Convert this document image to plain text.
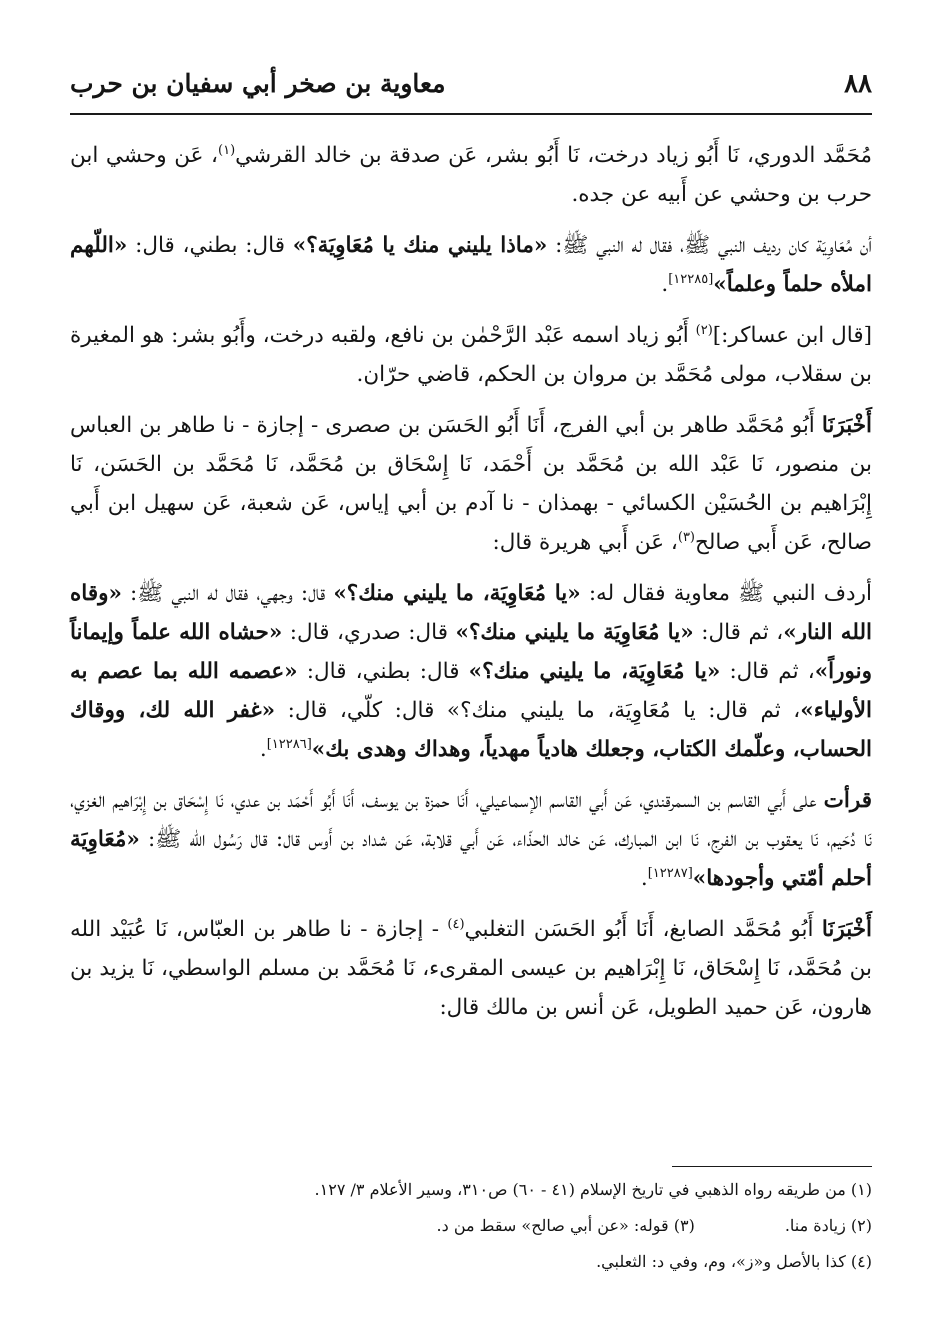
٨٨
معاوية بن صخر أبي سفيان بن حرب

مُحَمَّد الدوري، نَا أَبُو زياد درخت، نَا أَبُو بشر، عَن صدقة بن خالد القرشي$^{(١)}$، عَن وحشي ابن حرب بن وحشي عن أَبيه عن جده.

أن مُعَاوِيَة كان رديف النبي ﷺ، فقال له النبي ﷺ: «ماذا يليني منك يا مُعَاوِيَة؟» قال: بطني، قال: «اللّهم املأه حلماً وعلماً»[١٢٢٨٥].

[قال ابن عساكر:]$^{(٢)}$ أَبُو زياد اسمه عَبْد الرَّحْمٰن بن نافع، ولقبه درخت، وأَبُو بشر: هو المغيرة بن سقلاب، مولى مُحَمَّد بن مروان بن الحكم، قاضي حرّان.

أَخْبَرَنَا أَبُو مُحَمَّد طاهر بن أبي الفرج، أَنَا أَبُو الحَسَن بن صصرى - إجازة - نا طاهر بن العباس بن منصور، نَا عَبْد الله بن مُحَمَّد بن أَحْمَد، نَا إِسْحَاق بن مُحَمَّد، نَا مُحَمَّد بن الحَسَن، نَا إِبْرَاهيم بن الحُسَيْن الكسائي - بهمذان - نا آدم بن أبي إياس، عَن شعبة، عَن سهيل ابن أَبي صالح، عَن أَبي صالح$^{(٣)}$، عَن أَبي هريرة قال:

أردف النبي ﷺ معاوية فقال له: «يا مُعَاوِيَة، ما يليني منك؟» قال: وجهي، فقال له النبي ﷺ: «وقاه الله النار»، ثم قال: «يا مُعَاوِيَة ما يليني منك؟» قال: صدري، قال: «حشاه الله علماً وإيماناً ونوراً»، ثم قال: «يا مُعَاوِيَة، ما يليني منك؟» قال: بطني، قال: «عصمه الله بما عصم به الأولياء»، ثم قال: يا مُعَاوِيَة، ما يليني منك؟» قال: كلّي، قال: «غفر الله لك، ووقاك الحساب، وعلّمك الكتاب، وجعلك هادياً مهدياً، وهداك وهدى بك»[١٢٢٨٦].

قرأت على أَبي القاسم بن السمرقندي، عَن أَبي القاسم الإسماعيلي، أَنَا حمزة بن يوسف، أَنَا أَبُو أَحْمَد بن عدي، نَا إِسْحَاق بن إِبْرَاهيم الغزي، نَا دُحَيم، نَا يعقوب بن الفرج، نَا ابن المبارك، عَن خالد الحذّاء، عَن أَبي قلابة، عَن شداد بن أَوس قال: قال رَسُول الله ﷺ: «مُعَاوِيَة أحلم أمّتي وأجودها»[١٢٢٨٧].

أَخْبَرَنَا أَبُو مُحَمَّد الصابغ، أَنَا أَبُو الحَسَن التغلبي$^{(٤)}$ - إجازة - نا طاهر بن العبّاس، نَا عُبَيْد الله بن مُحَمَّد، نَا إِسْحَاق، نَا إِبْرَاهيم بن عيسى المقرىء، نَا مُحَمَّد بن مسلم الواسطي، نَا يزيد بن هارون، عَن حميد الطويل، عَن أنس بن مالك قال:

(١) من طريقه رواه الذهبي في تاريخ الإسلام (٤١ - ٦٠) ص٣١٠، وسير الأعلام ٣/ ١٢٧.
(٢) زيادة منا.(٣) قوله: «عن أبي صالح» سقط من د.
(٤) كذا بالأصل و«ز»، وم، وفي د: الثعلبي.
